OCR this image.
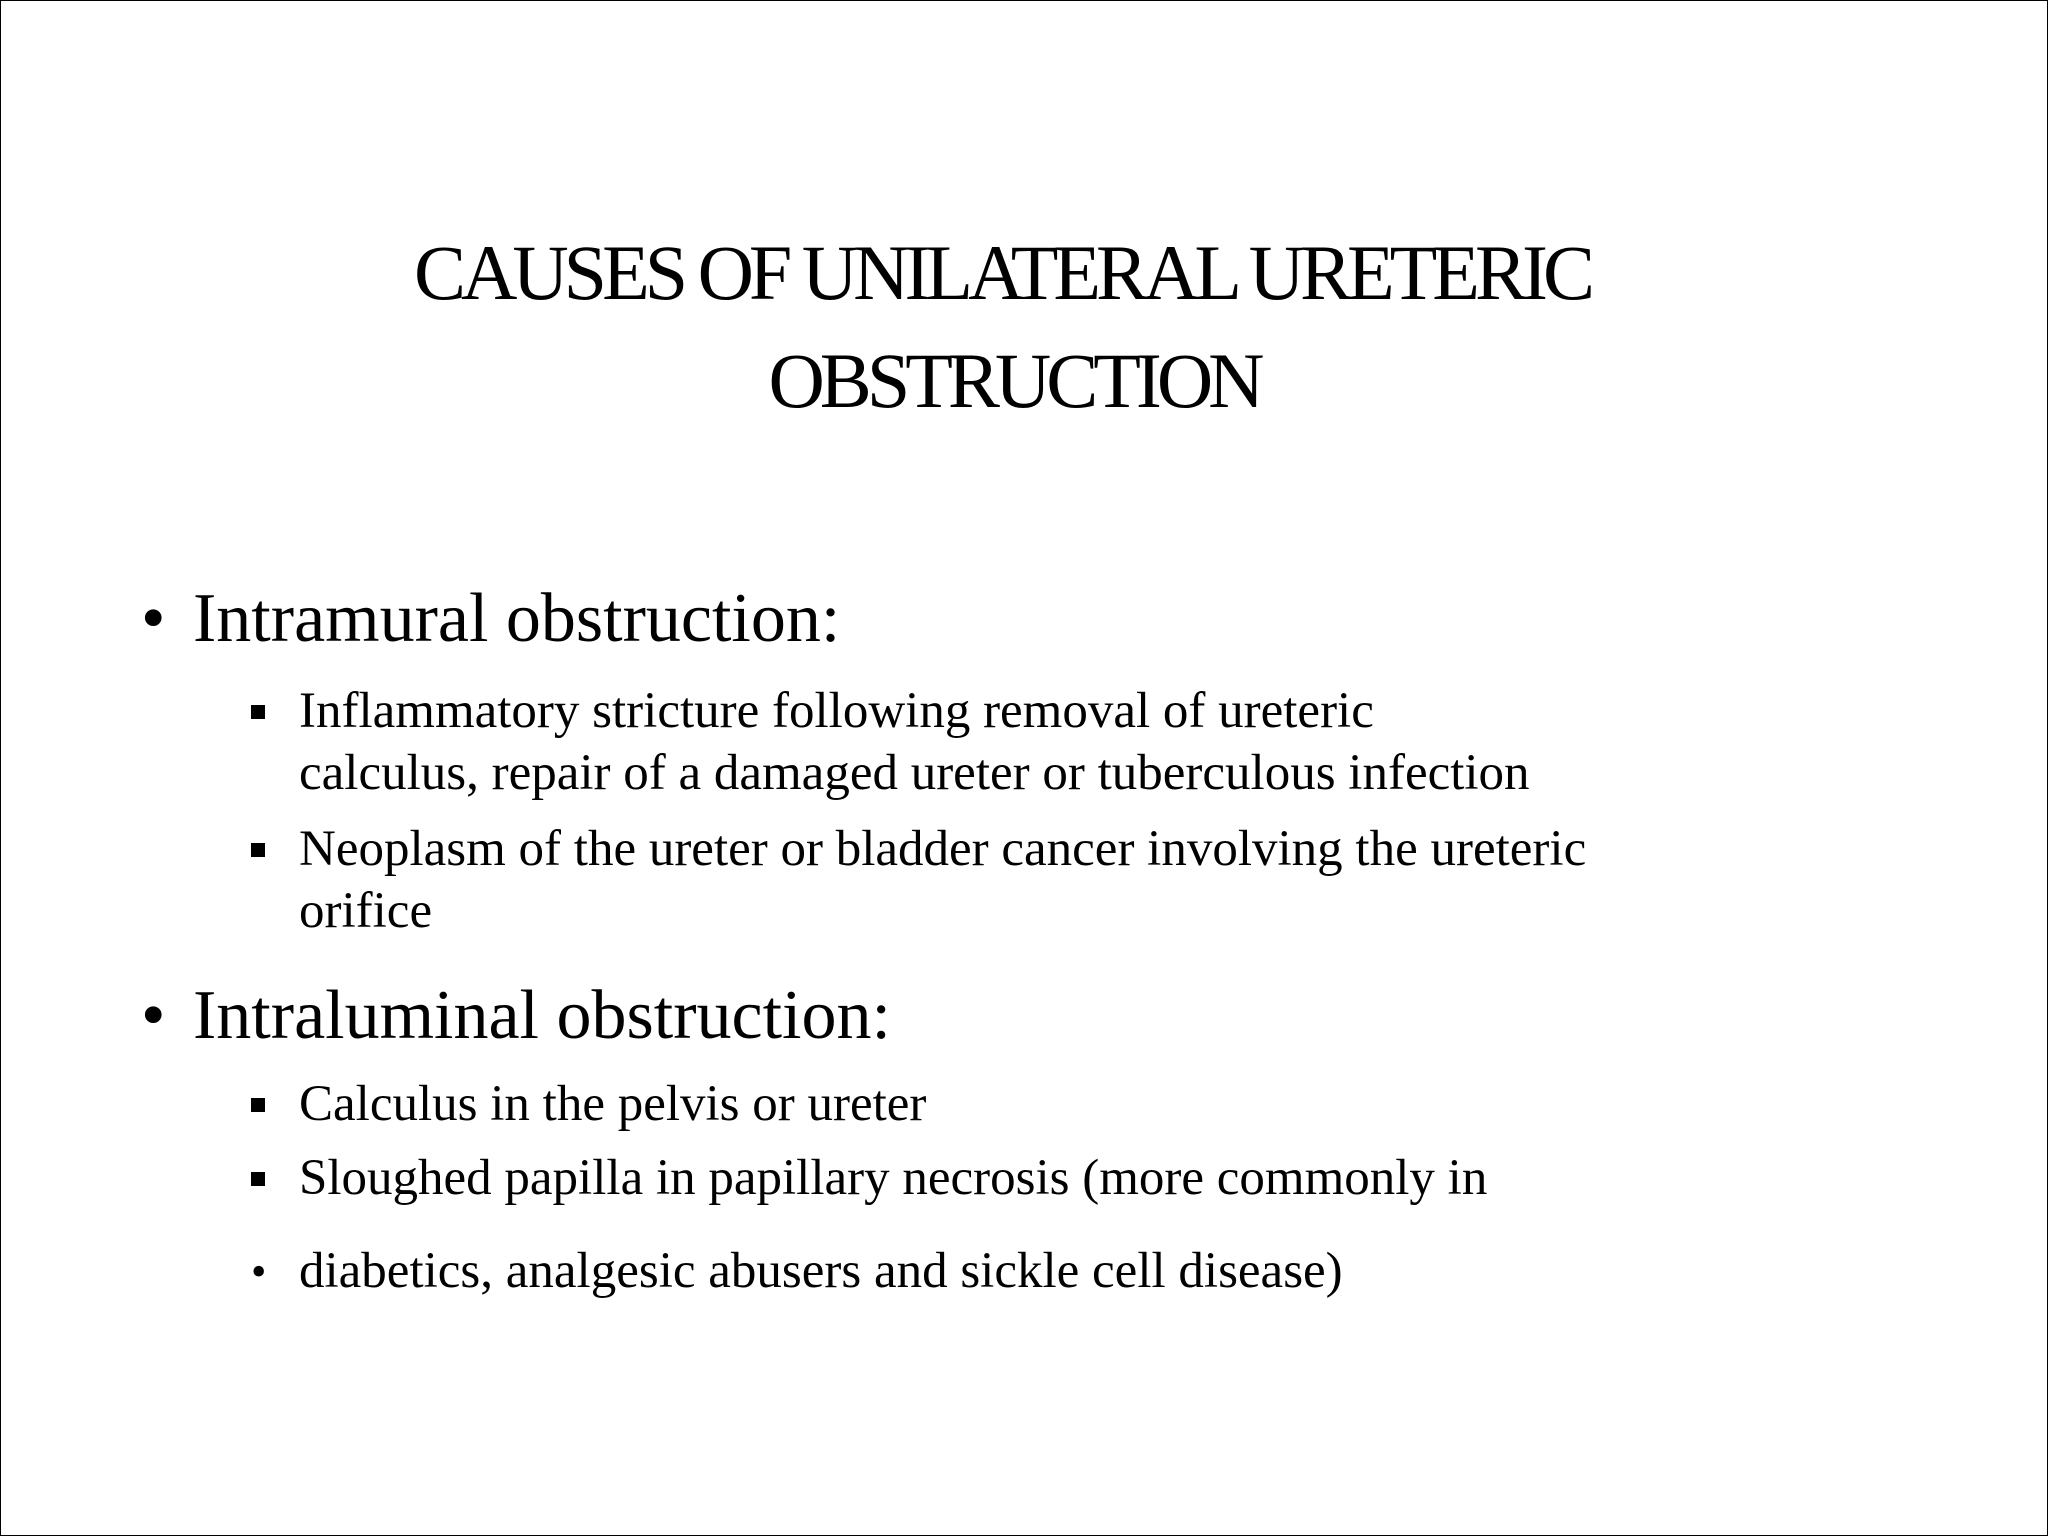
CAUSES OF UNILATERAL URETERIC
OBSTRUCTION
• Intramural obstruction:
Inflammatory stricture following removal of ureteric
calculus, repair of a damaged ureter or tuberculous infection
Neoplasm of the ureter or bladder cancer involving the ureteric
orifice
• Intraluminal obstruction:
Calculus in the pelvis or ureter
Sloughed papilla in papillary necrosis (more commonly in
• diabetics, analgesic abusers and sickle cell disease)
